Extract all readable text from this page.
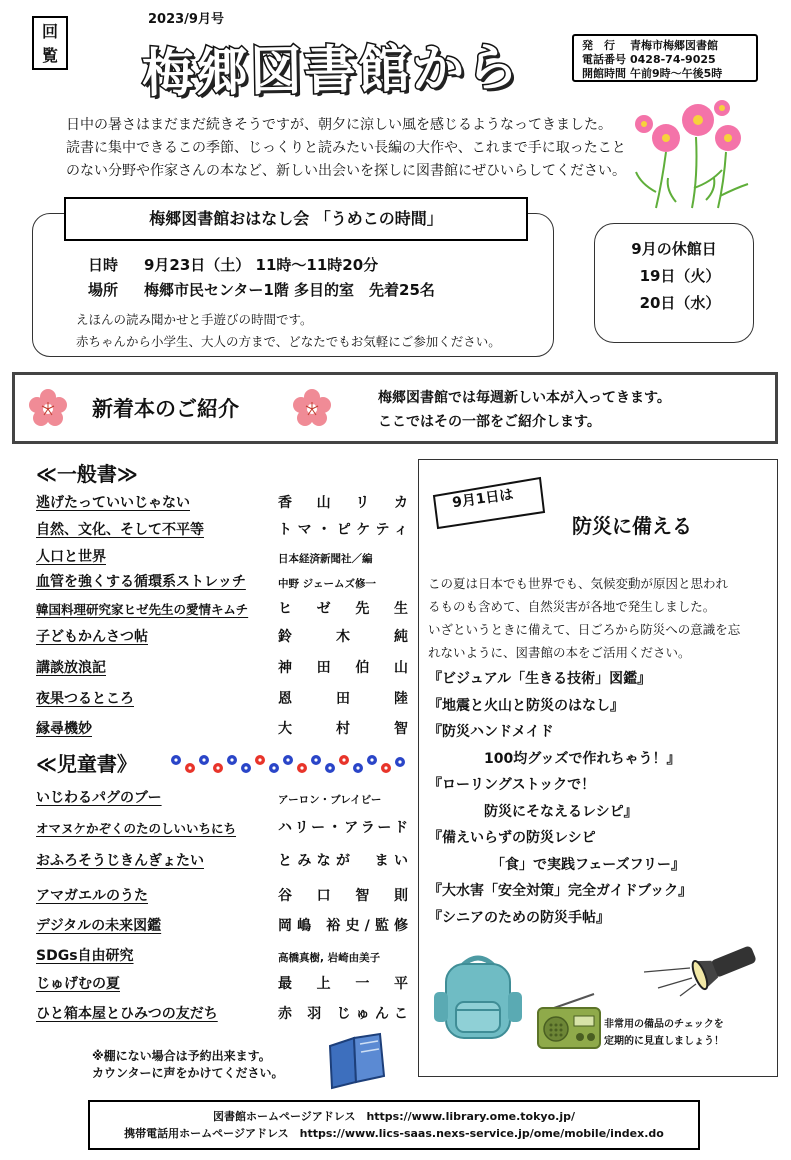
回
覧
2023/9月号
梅郷図書館から	発　行 青梅市梅郷図書館
電話番号 0428-74-9025
開館時間 午前9時～午後5時
日中の暑さはまだまだ続きそうですが、朝夕に涼しい風を感じるようなってきました。
読書に集中できるこの季節、じっくりと読みたい長編の大作や、これまで手に取ったこと
のない分野や作家さんの本など、新しい出会いを探しに図書館にぜひいらしてください。
梅郷図書館おはなし会 「うめこの時間」
日時 9月23日（土） 11時～11時20分
場所 梅郷市民センター1階 多目的室　先着25名
えほんの読み聞かせと手遊びの時間です。
赤ちゃんから小学生、大人の方まで、どなたでもお気軽にご参加ください。
9月の休館日
19日（火）
20日（水）
新着本のご紹介	梅郷図書館では毎週新しい本が入ってきます。
ここではその一部をご紹介します。
≪一般書≫
逃げたっていいじゃない	香　山　リ　カ
自然、文化、そして不平等	トマ・ピケティ
人口と世界	日本経済新聞社／編
血管を強くする循環系ストレッチ	中野 ジェームズ修一
韓国料理研究家ヒゼ先生の愛情キムチ ヒ　ゼ　先　生
子どもかんさつ帖	鈴　木　純
講談放浪記	神　田　伯　山
夜果つるところ	恩　田　陸
縁尋機妙	大　村　智
≪児童書》
いじわるパグのブー	アーロン・ブレイビー
オマヌケかぞくのたのしいいちにち	ハリー・アラード
おふろそうじきんぎょたい	とみなが　まい
アマガエルのうた	谷　口　智　則
デジタルの未来図鑑	岡嶋 裕史/監修
SDGs自由研究	高橋真樹, 岩崎由美子
じゅげむの夏	最　上　一　平
ひと箱本屋とひみつの友だち	赤 羽 じゅんこ
9月1日は
防災に備える
この夏は日本でも世界でも、気候変動が原因と思われ
るものも含めて、自然災害が各地で発生しました。
いざというときに備えて、日ごろから防災への意識を忘
れないように、図書館の本をご活用ください。
『ビジュアル「生きる技術」図鑑』
『地震と火山と防災のはなし』
『防災ハンドメイド
　　　　100均グッズで作れちゃう！』
『ローリングストックで！
　　　　防災にそなえるレシピ』
『備えいらずの防災レシピ
　　　　　「食」で実践フェーズフリー』
『大水害「安全対策」完全ガイドブック』
『シニアのための防災手帖』
非常用の備品のチェックを
定期的に見直しましょう！
※棚にない場合は予約出来ます。
カウンターに声をかけてください。
図書館ホームページアドレス　https://www.library.ome.tokyo.jp/
携帯電話用ホームページアドレス　https://www.lics-saas.nexs-service.jp/ome/mobile/index.do
